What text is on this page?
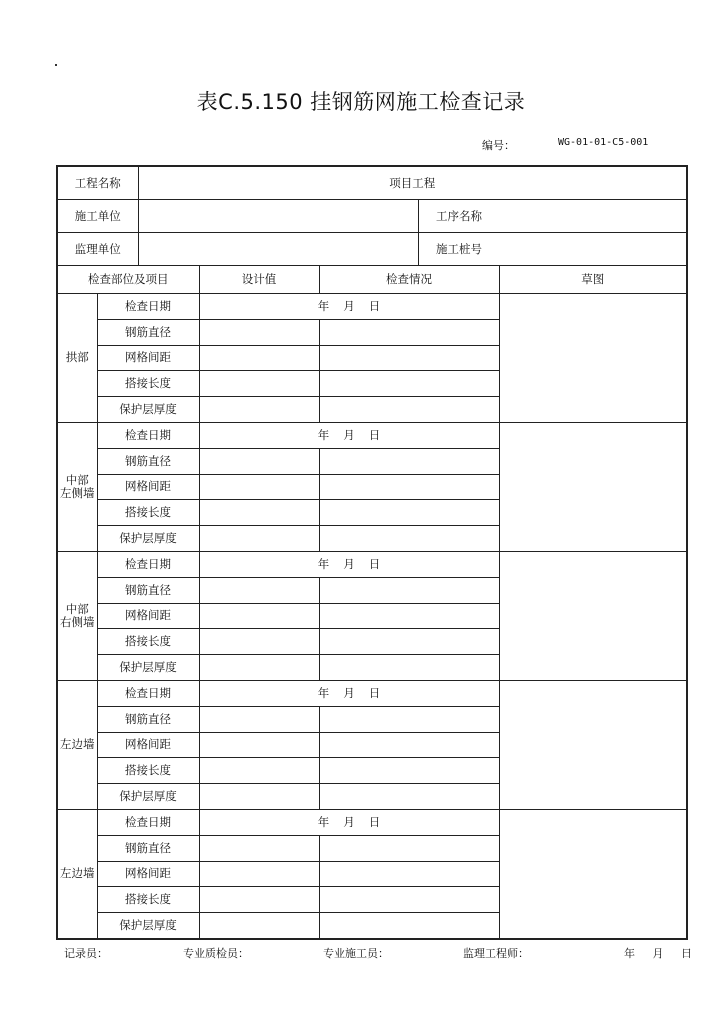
表C.5.150 挂钢筋网施工检查记录
编号：	WG-01-01-C5-001
工程名称		项目工程			
施工单位					工序名称

监理单位					施工桩号

检查部位及项目			设计值	检查情况	草图
拱部	检查日期		年 月 日		
	钢筋直径				
	网格间距				
	搭接长度				
	保护层厚度				
中部
左侧墙	检查日期		年 月 日		
	钢筋直径				
	网格间距				
	搭接长度				
	保护层厚度				
中部
右侧墙	检查日期		年 月 日		
	钢筋直径				
	网格间距				
	搭接长度				
	保护层厚度				
左边墙	检查日期		年 月 日		
	钢筋直径				
	网格间距				
	搭接长度				
	保护层厚度				
左边墙	检查日期		年 月 日		
	钢筋直径				
	网格间距				
	搭接长度				
	保护层厚度				
记录员：	专业质检员：	专业施工员：	监理工程师：	年 月 日
